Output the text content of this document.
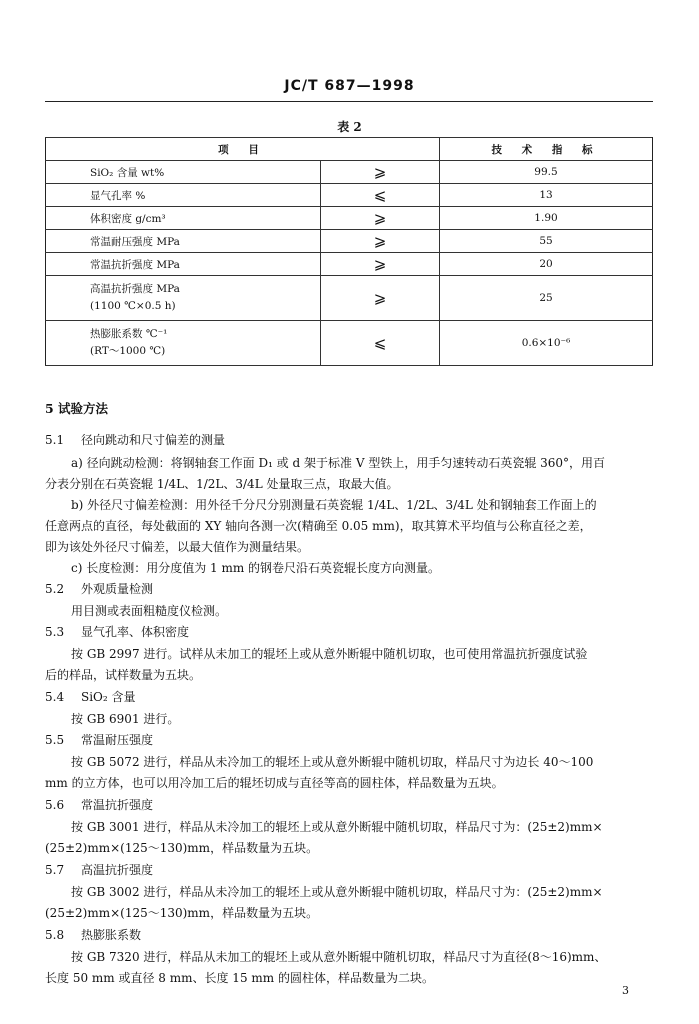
JC/T 687—1998
表 2
项 目		技 术 指 标
SiO₂ 含量 wt%	⩾	99.5
显气孔率 %	⩽	13
体积密度 g/cm³	⩾	1.90
常温耐压强度 MPa	⩾	55
常温抗折强度 MPa	⩾	20

高温抗折强度 MPa
(1100 ℃×0.5 h)	⩾	25

热膨胀系数 ℃⁻¹
(RT～1000 ℃)	⩽	0.6×10⁻⁶
5 试验方法
5.1 径向跳动和尺寸偏差的测量
a) 径向跳动检测：将钢轴套工作面 D₁ 或 d 架于标准 V 型铁上，用手匀速转动石英瓷辊 360°，用百
分表分别在石英瓷辊 1/4L、1/2L、3/4L 处量取三点，取最大值。
b) 外径尺寸偏差检测：用外径千分尺分别测量石英瓷辊 1/4L、1/2L、3/4L 处和钢轴套工作面上的
任意两点的直径，每处截面的 XY 轴向各测一次(精确至 0.05 mm)，取其算术平均值与公称直径之差，
即为该处外径尺寸偏差，以最大值作为测量结果。
c) 长度检测：用分度值为 1 mm 的钢卷尺沿石英瓷辊长度方向测量。
5.2 外观质量检测
用目测或表面粗糙度仪检测。
5.3 显气孔率、体积密度
按 GB 2997 进行。试样从未加工的辊坯上或从意外断辊中随机切取，也可使用常温抗折强度试验
后的样品，试样数量为五块。
5.4 SiO₂ 含量
按 GB 6901 进行。
5.5 常温耐压强度
按 GB 5072 进行，样品从未冷加工的辊坯上或从意外断辊中随机切取，样品尺寸为边长 40～100
mm 的立方体，也可以用冷加工后的辊坯切成与直径等高的圆柱体，样品数量为五块。
5.6 常温抗折强度
按 GB 3001 进行，样品从未冷加工的辊坯上或从意外断辊中随机切取，样品尺寸为：(25±2)mm×
(25±2)mm×(125～130)mm，样品数量为五块。
5.7 高温抗折强度
按 GB 3002 进行，样品从未冷加工的辊坯上或从意外断辊中随机切取，样品尺寸为：(25±2)mm×
(25±2)mm×(125～130)mm，样品数量为五块。
5.8 热膨胀系数
按 GB 7320 进行，样品从未加工的辊坯上或从意外断辊中随机切取，样品尺寸为直径(8～16)mm、
长度 50 mm 或直径 8 mm、长度 15 mm 的圆柱体，样品数量为二块。
3
